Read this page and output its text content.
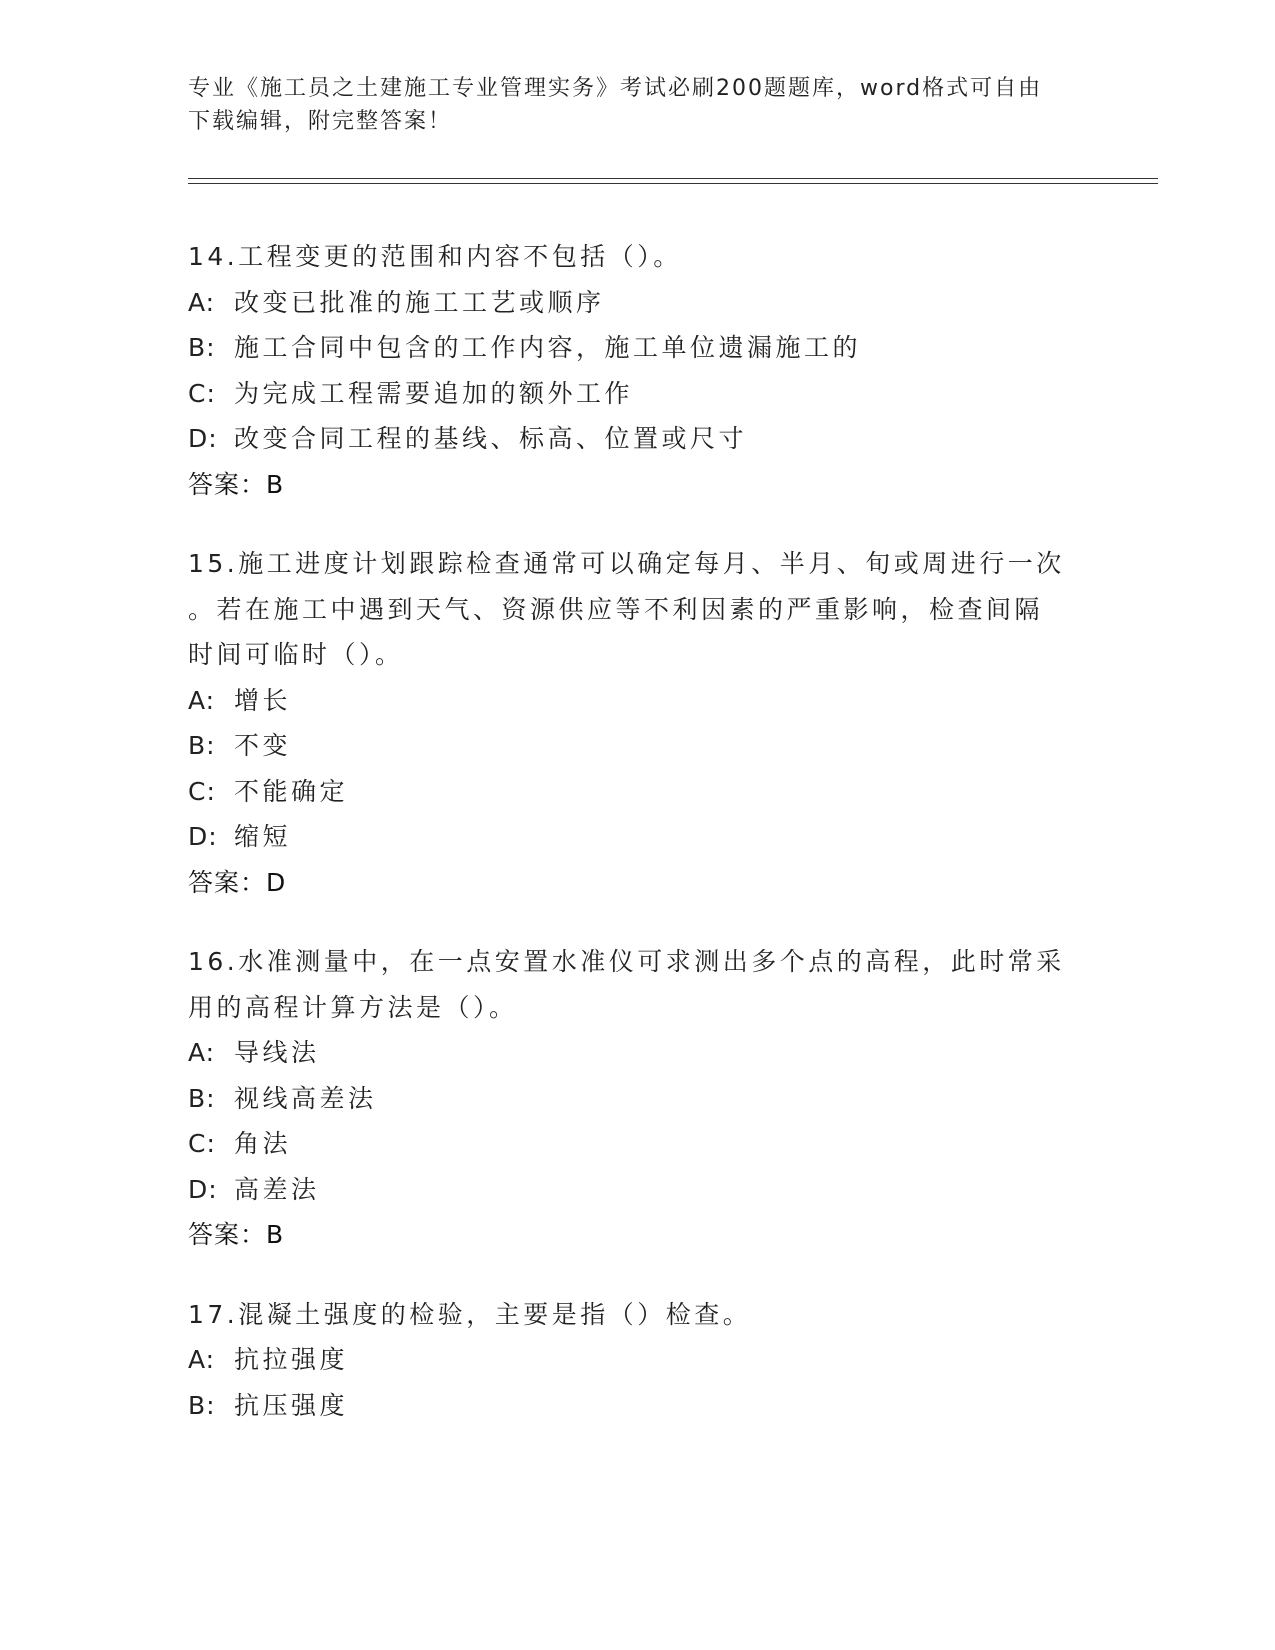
专业《施工员之土建施工专业管理实务》考试必刷200题题库，word格式可自由
下载编辑，附完整答案！
14.工程变更的范围和内容不包括（）。
A: 改变已批准的施工工艺或顺序
B: 施工合同中包含的工作内容，施工单位遗漏施工的
C: 为完成工程需要追加的额外工作
D: 改变合同工程的基线、标高、位置或尺寸
答案：B
15.施工进度计划跟踪检查通常可以确定每月、半月、旬或周进行一次
。若在施工中遇到天气、资源供应等不利因素的严重影响，检查间隔
时间可临时（）。
A: 增长
B: 不变
C: 不能确定
D: 缩短
答案：D
16.水准测量中，在一点安置水准仪可求测出多个点的高程，此时常采
用的高程计算方法是（）。
A: 导线法
B: 视线高差法
C: 角法
D: 高差法
答案：B
17.混凝土强度的检验，主要是指（）检查。
A: 抗拉强度
B: 抗压强度
